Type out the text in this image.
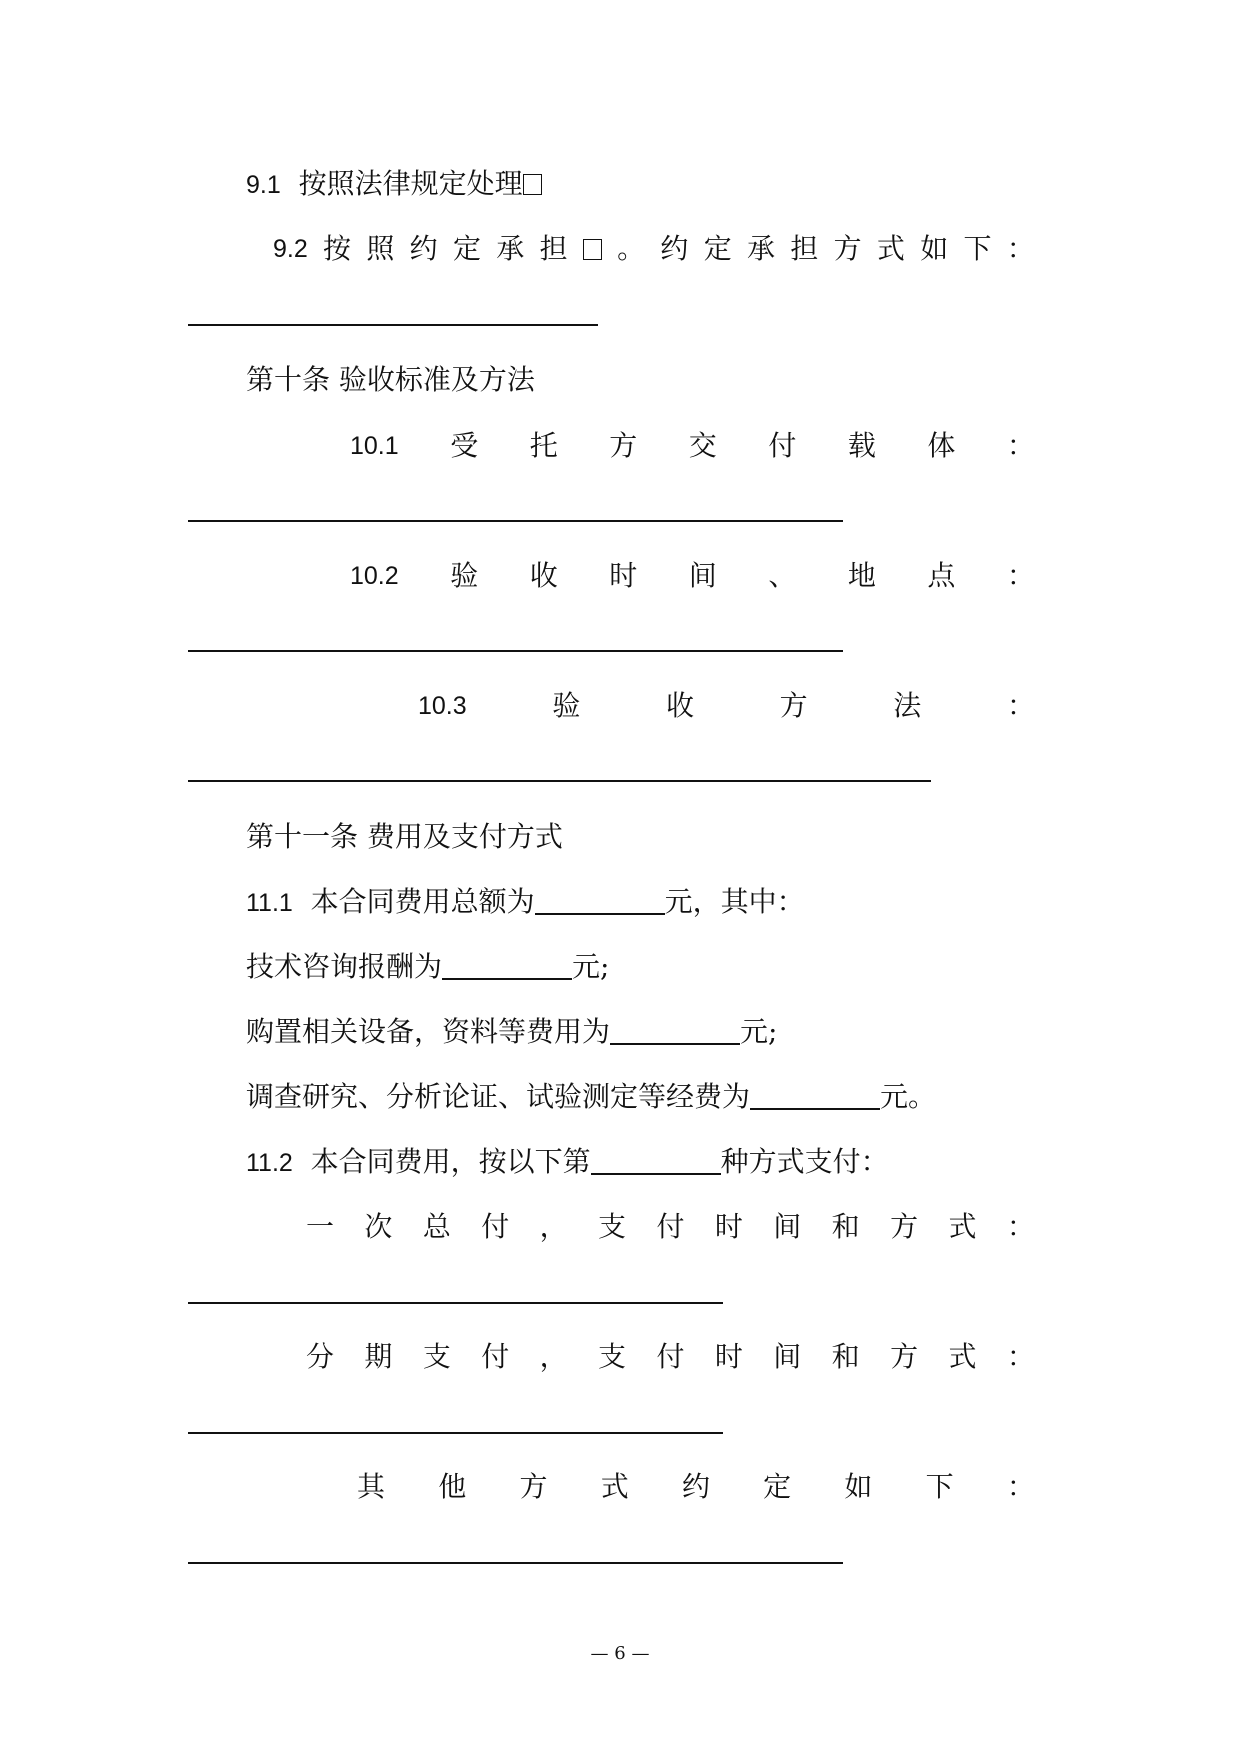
9.1 按照法律规定处理
9.2 按 照 约 定 承 担 。 约 定 承 担 方 式 如 下 ：
第十条 验收标准及方法
10.1 受 托 方 交 付 载 体 ：
10.2 验 收 时 间 、 地 点 ：
10.3	验	收	方	法	：
第十一条 费用及支付方式
11.1 本合同费用总额为	元，其中：
技术咨询报酬为	元;
购置相关设备，资料等费用为	元;
调查研究、分析论证、试验测定等经费为	元。
11.2 本合同费用，按以下第	种方式支付：
一 次 总 付 ， 支 付 时 间 和 方 式 ：
分 期 支 付 ， 支 付 时 间 和 方 式 ：
其 他 方 式 约 定 如 下 ：
— 6 —
